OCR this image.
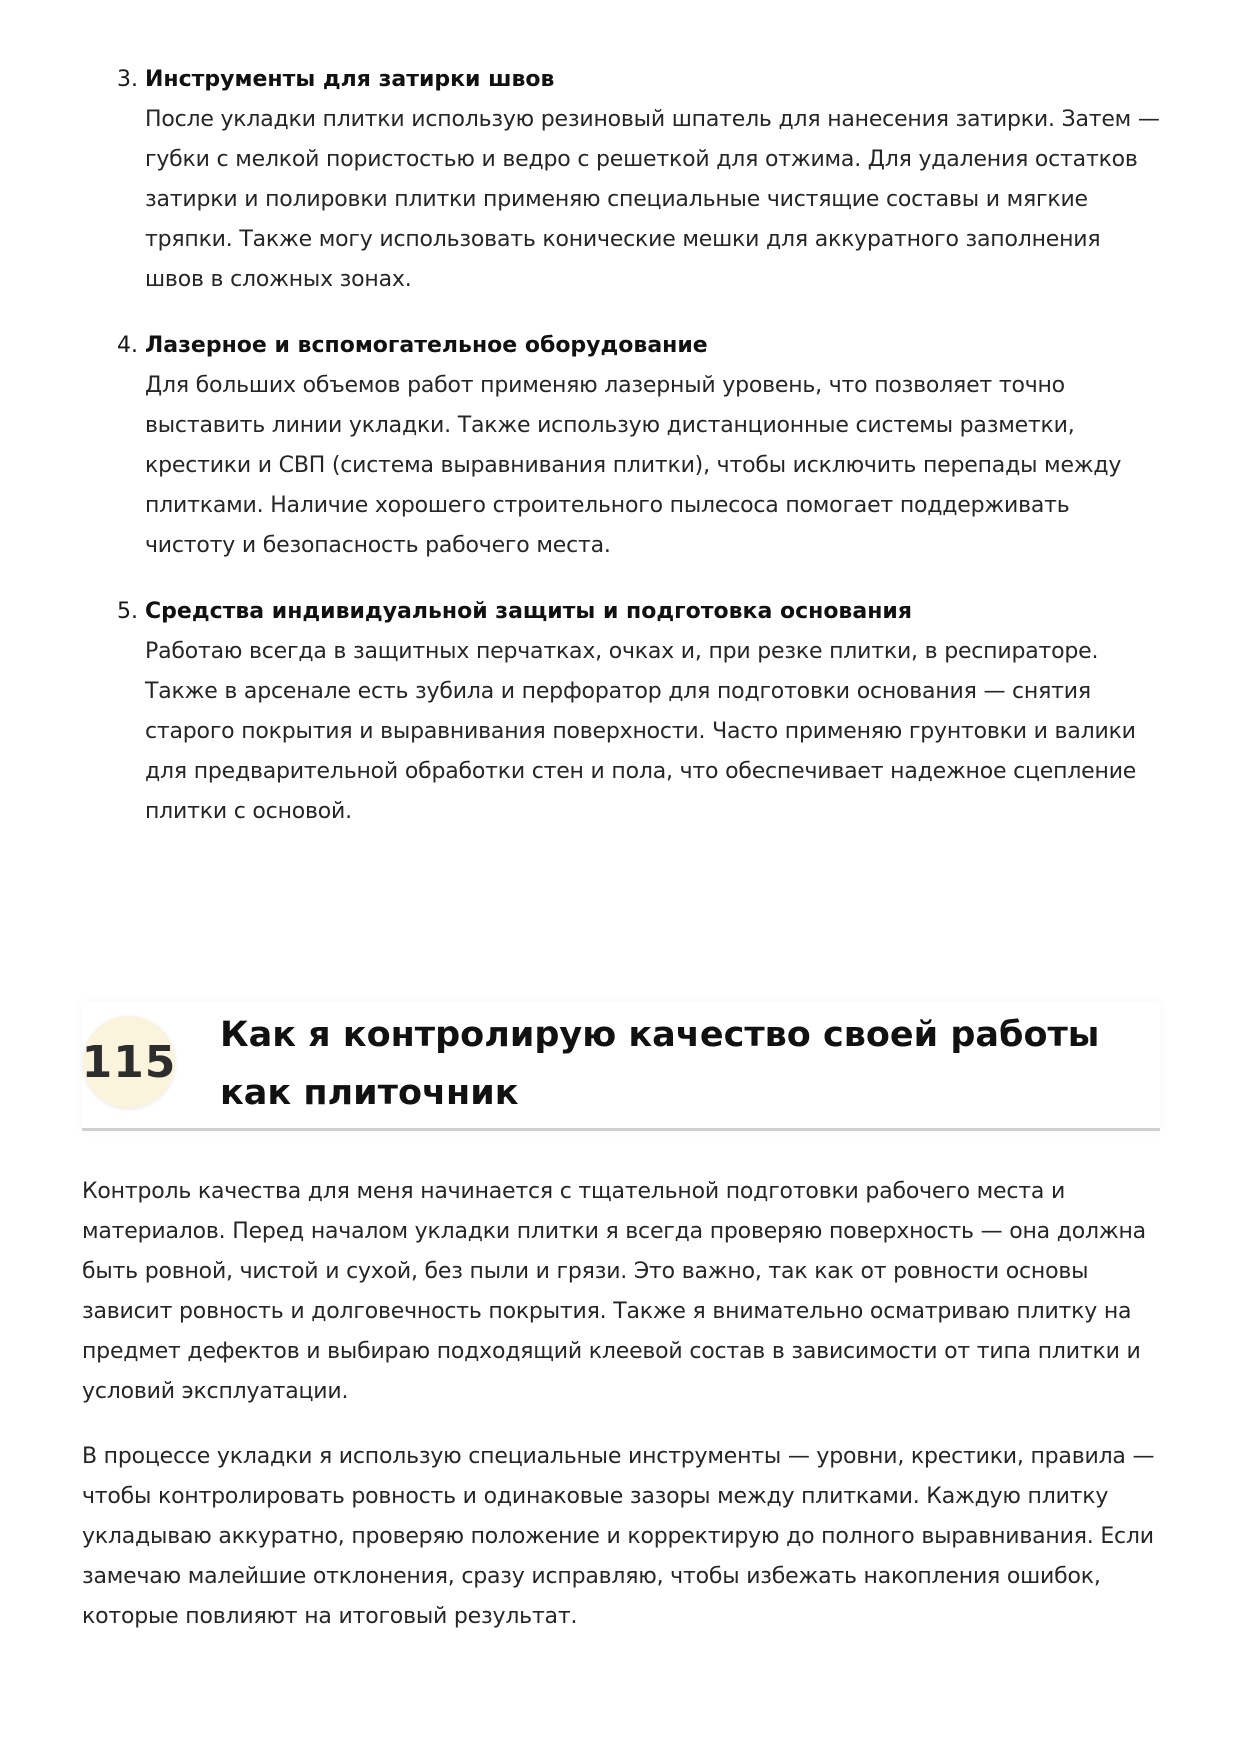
3. Инструменты для затирки швов
После укладки плитки использую резиновый шпатель для нанесения затирки. Затем — губки с мелкой пористостью и ведро с решеткой для отжима. Для удаления остатков затирки и полировки плитки применяю специальные чистящие составы и мягкие тряпки. Также могу использовать конические мешки для аккуратного заполнения швов в сложных зонах.
4. Лазерное и вспомогательное оборудование
Для больших объемов работ применяю лазерный уровень, что позволяет точно выставить линии укладки. Также использую дистанционные системы разметки, крестики и СВП (система выравнивания плитки), чтобы исключить перепады между плитками. Наличие хорошего строительного пылесоса помогает поддерживать чистоту и безопасность рабочего места.
5. Средства индивидуальной защиты и подготовка основания
Работаю всегда в защитных перчатках, очках и, при резке плитки, в респираторе. Также в арсенале есть зубила и перфоратор для подготовки основания — снятия старого покрытия и выравнивания поверхности. Часто применяю грунтовки и валики для предварительной обработки стен и пола, что обеспечивает надежное сцепление плитки с основой.
115
Как я контролирую качество своей работы как плиточник

Контроль качества для меня начинается с тщательной подготовки рабочего места и материалов. Перед началом укладки плитки я всегда проверяю поверхность — она должна быть ровной, чистой и сухой, без пыли и грязи. Это важно, так как от ровности основы зависит ровность и долговечность покрытия. Также я внимательно осматриваю плитку на предмет дефектов и выбираю подходящий клеевой состав в зависимости от типа плитки и условий эксплуатации.

В процессе укладки я использую специальные инструменты — уровни, крестики, правила — чтобы контролировать ровность и одинаковые зазоры между плитками. Каждую плитку укладываю аккуратно, проверяю положение и корректирую до полного выравнивания. Если замечаю малейшие отклонения, сразу исправляю, чтобы избежать накопления ошибок, которые повлияют на итоговый результат.
